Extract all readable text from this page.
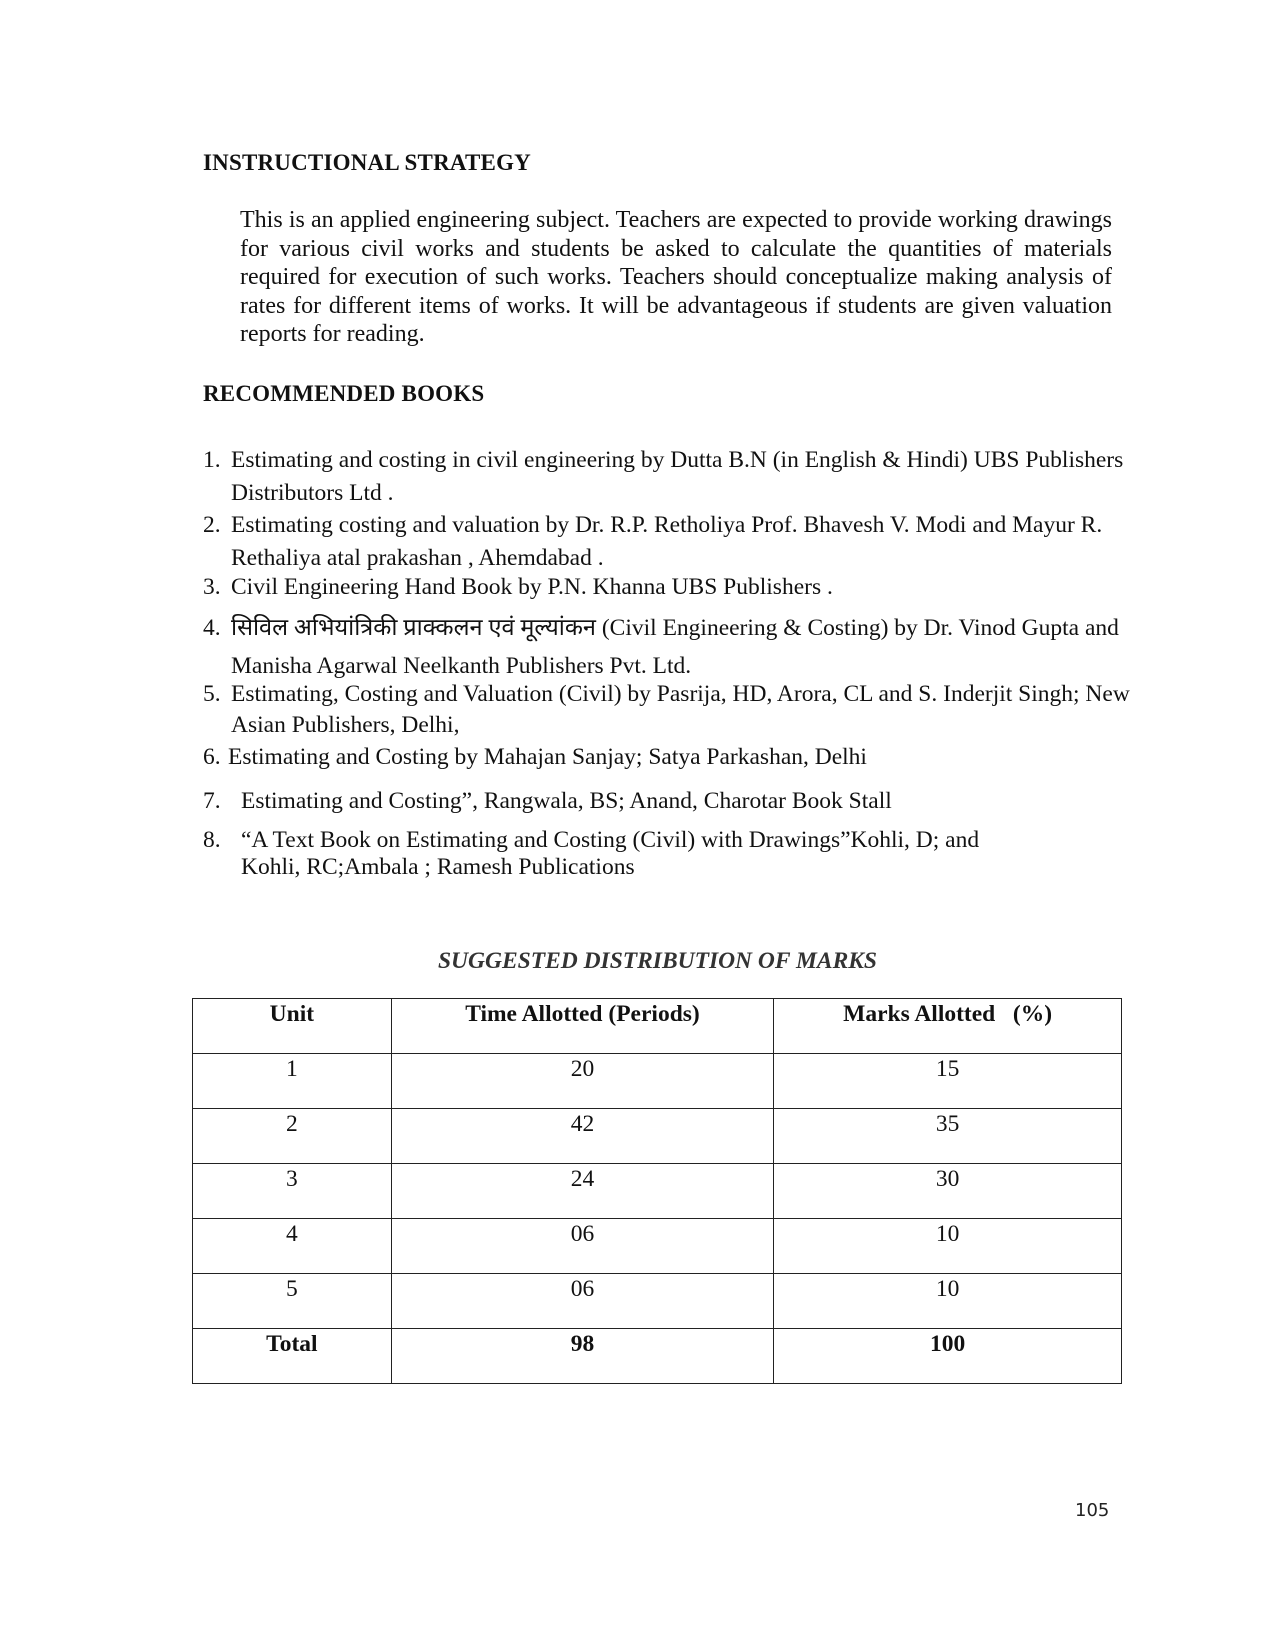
INSTRUCTIONAL STRATEGY

This is an applied engineering subject. Teachers are expected to provide working drawings for various civil works and students be asked to calculate the quantities of materials required for execution of such works. Teachers should conceptualize making analysis of rates for different items of works. It will be advantageous if students are given valuation reports for reading.

RECOMMENDED BOOKS
1. Estimating and costing in civil engineering by Dutta B.N (in English & Hindi) UBS Publishers Distributors Ltd .
2. Estimating costing and valuation by Dr. R.P. Retholiya Prof. Bhavesh V. Modi and Mayur R. Rethaliya atal prakashan , Ahemdabad .
3. Civil Engineering Hand Book by P.N. Khanna UBS Publishers .
4. सिविल अभियांत्रिकी प्राक्कलन एवं मूल्यांकन (Civil Engineering & Costing) by Dr. Vinod Gupta and Manisha Agarwal Neelkanth Publishers Pvt. Ltd.
5. Estimating, Costing and Valuation (Civil) by Pasrija, HD, Arora, CL and S. Inderjit Singh; New Asian Publishers, Delhi,
6. Estimating and Costing by Mahajan Sanjay; Satya Parkashan, Delhi
7. Estimating and Costing”, Rangwala, BS; Anand, Charotar Book Stall
8. “A Text Book on Estimating and Costing (Civil) with Drawings”Kohli, D; and Kohli, RC;Ambala ; Ramesh Publications
SUGGESTED DISTRIBUTION OF MARKS
Unit	Time Allotted (Periods)	Marks Allotted   (%)
1	20	15
2	42	35
3	24	30
4	06	10
5	06	10
Total	98	100
105
